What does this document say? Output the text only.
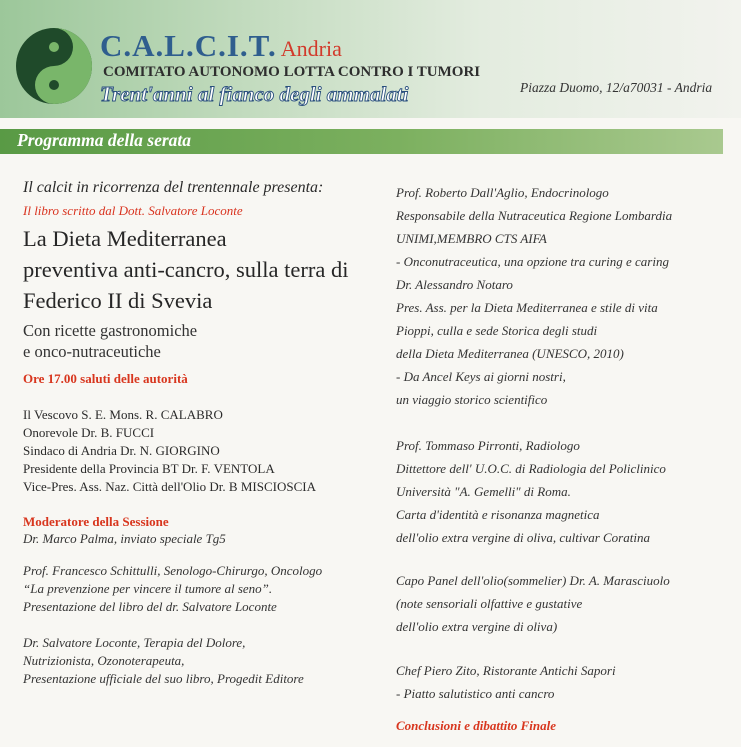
C.A.L.C.I.T. Andria
COMITATO AUTONOMO LOTTA CONTRO I TUMORI
Trent'anni al fianco degli ammalati	Piazza Duomo, 12/a70031 - Andria
Programma della serata

Il calcit in ricorrenza del trentennale presenta:

Il libro scritto dal Dott. Salvatore Loconte

La Dieta Mediterranea

preventiva anti-cancro, sulla terra di

Federico II di Svevia

Con ricette gastronomiche

e onco-nutraceutiche

Ore 17.00 saluti delle autorità

Il Vescovo S. E. Mons. R. CALABRO
Onorevole Dr. B. FUCCI
Sindaco di Andria Dr. N. GIORGINO
Presidente della Provincia BT Dr. F. VENTOLA
Vice-Pres. Ass. Naz. Città dell'Olio Dr. B MISCIOSCIA

Moderatore della Sessione

Dr. Marco Palma, inviato speciale Tg5
Prof. Francesco Schittulli, Senologo-Chirurgo, Oncologo
“La prevenzione per vincere il tumore al seno”.
Presentazione del libro del dr. Salvatore Loconte
Dr. Salvatore Loconte, Terapia del Dolore,
Nutrizionista, Ozonoterapeuta,
Presentazione ufficiale del suo libro, Progedit Editore
Prof. Roberto Dall'Aglio, Endocrinologo
Responsabile della Nutraceutica Regione Lombardia
UNIMI,MEMBRO CTS AIFA
- Onconutraceutica, una opzione tra curing e caring
Dr. Alessandro Notaro
Pres. Ass. per la Dieta Mediterranea e stile di vita
Pioppi, culla e sede Storica degli studi
della Dieta Mediterranea (UNESCO, 2010)
- Da Ancel Keys ai giorni nostri,
un viaggio storico scientifico
Prof. Tommaso Pirronti, Radiologo
Dittettore dell' U.O.C. di Radiologia del Policlinico
Università "A. Gemelli" di Roma.
Carta d'identità e risonanza magnetica
dell'olio extra vergine di oliva, cultivar Coratina
Capo Panel dell'olio(sommelier) Dr. A. Marasciuolo
(note sensoriali olfattive e gustative
dell'olio extra vergine di oliva)
Chef Piero Zito, Ristorante Antichi Sapori
- Piatto salutistico anti cancro
Conclusioni e dibattito Finale
